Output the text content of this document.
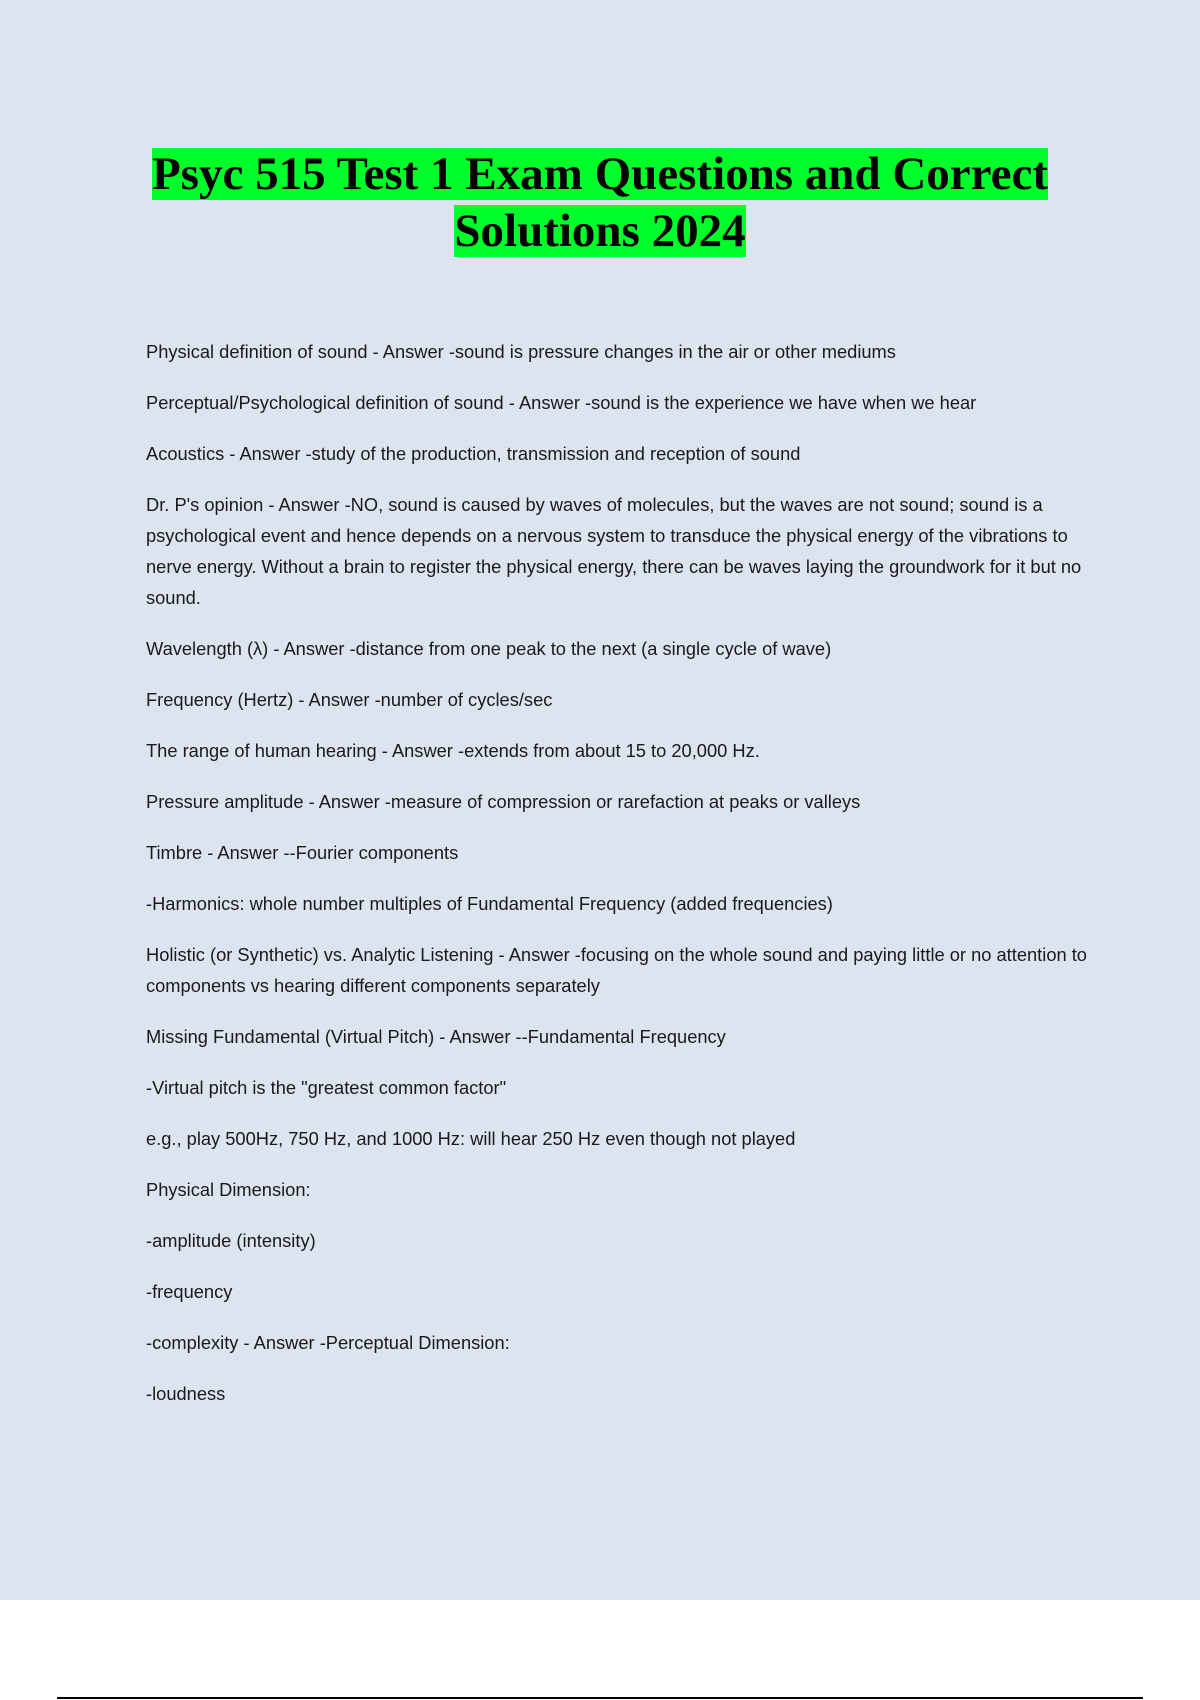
Psyc 515 Test 1 Exam Questions and Correct
Solutions 2024

Physical definition of sound - Answer -sound is pressure changes in the air or other mediums

Perceptual/Psychological definition of sound - Answer -sound is the experience we have when we hear

Acoustics - Answer -study of the production, transmission and reception of sound

Dr. P's opinion - Answer -NO, sound is caused by waves of molecules, but the waves are not sound; sound is a psychological event and hence depends on a nervous system to transduce the physical energy of the vibrations to nerve energy. Without a brain to register the physical energy, there can be waves laying the groundwork for it but no sound.

Wavelength (λ) - Answer -distance from one peak to the next (a single cycle of wave)

Frequency (Hertz) - Answer -number of cycles/sec

The range of human hearing - Answer -extends from about 15 to 20,000 Hz.

Pressure amplitude - Answer -measure of compression or rarefaction at peaks or valleys

Timbre - Answer --Fourier components

-Harmonics: whole number multiples of Fundamental Frequency (added frequencies)

Holistic (or Synthetic) vs. Analytic Listening - Answer -focusing on the whole sound and paying little or no attention to components vs hearing different components separately

Missing Fundamental (Virtual Pitch) - Answer --Fundamental Frequency

-Virtual pitch is the "greatest common factor"

e.g., play 500Hz, 750 Hz, and 1000 Hz: will hear 250 Hz even though not played

Physical Dimension:

-amplitude (intensity)

-frequency

-complexity - Answer -Perceptual Dimension:

-loudness
